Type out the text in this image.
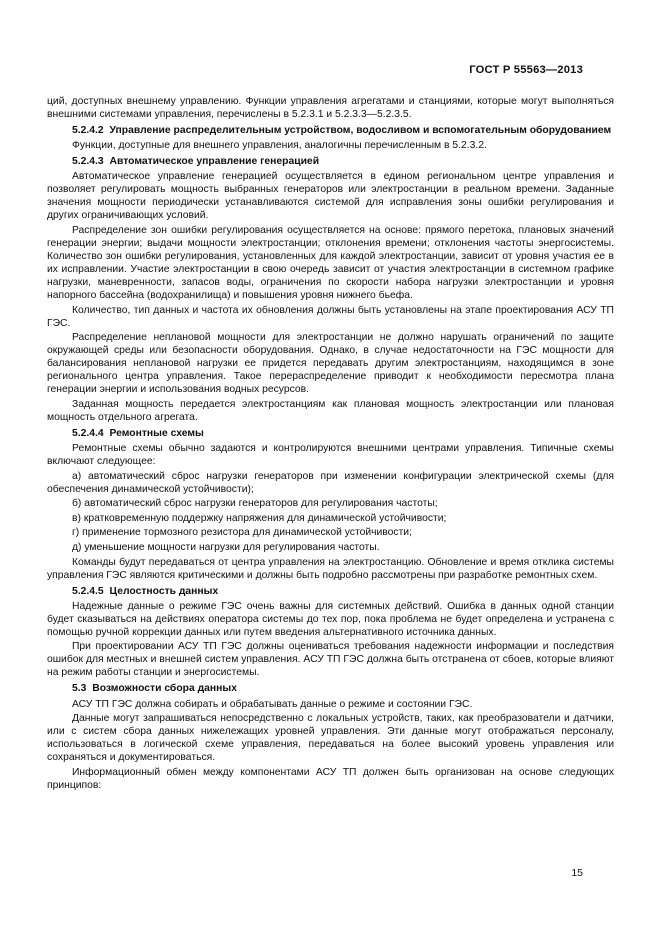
ГОСТ Р 55563—2013

ций, доступных внешнему управлению. Функции управления агрегатами и станциями, которые могут выполняться внешними системами управления, перечислены в 5.2.3.1 и 5.2.3.3—5.2.3.5.

5.2.4.2 Управление распределительным устройством, водосливом и вспомогательным оборудованием

Функции, доступные для внешнего управления, аналогичны перечисленным в 5.2.3.2.

5.2.4.3 Автоматическое управление генерацией

Автоматическое управление генерацией осуществляется в едином региональном центре управления и позволяет регулировать мощность выбранных генераторов или электростанции в реальном времени. Заданные значения мощности периодически устанавливаются системой для исправления зоны ошибки регулирования и других ограничивающих условий.

Распределение зон ошибки регулирования осуществляется на основе: прямого перетока, плановых значений генерации энергии; выдачи мощности электростанции; отклонения времени; отклонения частоты энергосистемы. Количество зон ошибки регулирования, установленных для каждой электростанции, зависит от уровня участия ее в их исправлении. Участие электростанции в свою очередь зависит от участия электростанции в системном графике нагрузки, маневренности, запасов воды, ограничения по скорости набора нагрузки электростанции и уровня напорного бассейна (водохранилища) и повышения уровня нижнего бьефа.

Количество, тип данных и частота их обновления должны быть установлены на этапе проектирования АСУ ТП ГЭС.

Распределение неплановой мощности для электростанции не должно нарушать ограничений по защите окружающей среды или безопасности оборудования. Однако, в случае недостаточности на ГЭС мощности для балансирования неплановой нагрузки ее придется передавать другим электростанциям, находящимся в зоне регионального центра управления. Такое перераспределение приводит к необходимости пересмотра плана генерации энергии и использования водных ресурсов.

Заданная мощность передается электростанциям как плановая мощность электростанции или плановая мощность отдельного агрегата.

5.2.4.4 Ремонтные схемы

Ремонтные схемы обычно задаются и контролируются внешними центрами управления. Типичные схемы включают следующее:

а) автоматический сброс нагрузки генераторов при изменении конфигурации электрической схемы (для обеспечения динамической устойчивости);

б) автоматический сброс нагрузки генераторов для регулирования частоты;

в) кратковременную поддержку напряжения для динамической устойчивости;

г) применение тормозного резистора для динамической устойчивости;

д) уменьшение мощности нагрузки для регулирования частоты.

Команды будут передаваться от центра управления на электростанцию. Обновление и время отклика системы управления ГЭС являются критическими и должны быть подробно рассмотрены при разработке ремонтных схем.

5.2.4.5 Целостность данных

Надежные данные о режиме ГЭС очень важны для системных действий. Ошибка в данных одной станции будет сказываться на действиях оператора системы до тех пор, пока проблема не будет определена и устранена с помощью ручной коррекции данных или путем введения альтернативного источника данных.

При проектировании АСУ ТП ГЭС должны оцениваться требования надежности информации и последствия ошибок для местных и внешней систем управления. АСУ ТП ГЭС должна быть отстранена от сбоев, которые влияют на режим работы станции и энергосистемы.

5.3 Возможности сбора данных

АСУ ТП ГЭС должна собирать и обрабатывать данные о режиме и состоянии ГЭС.

Данные могут запрашиваться непосредственно с локальных устройств, таких, как преобразователи и датчики, или с систем сбора данных нижележащих уровней управления. Эти данные могут отображаться персоналу, использоваться в логической схеме управления, передаваться на более высокий уровень управления или сохраняться и документироваться.

Информационный обмен между компонентами АСУ ТП должен быть организован на основе следующих принципов:

15
